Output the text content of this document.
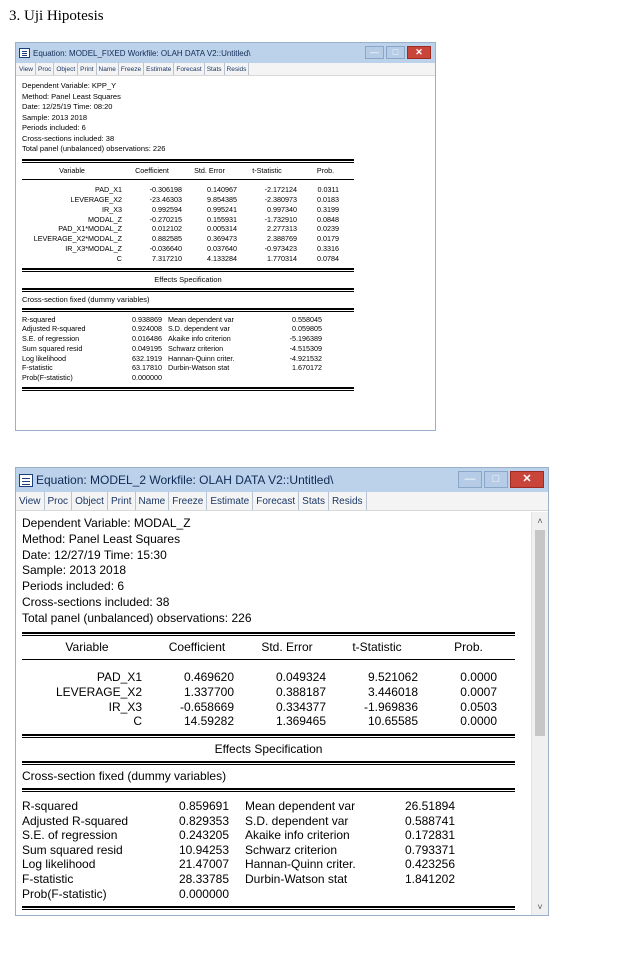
3. Uji Hipotesis
Equation: MODEL_FIXED Workfile: OLAH DATA V2::Untitled\	—	□	✕
View Proc Object Print Name Freeze Estimate Forecast Stats Resids
Dependent Variable: KPP_Y
Method: Panel Least Squares
Date: 12/25/19 Time: 08:20
Sample: 2013 2018
Periods included: 6
Cross-sections included: 38
Total panel (unbalanced) observations: 226
Variable	Coefficient	Std. Error	t-Statistic	Prob.
PAD_X1	-0.306198	0.140967	-2.172124	0.0311
LEVERAGE_X2	-23.46303	9.854385	-2.380973	0.0183
IR_X3	0.992594	0.995241	0.997340	0.3199
MODAL_Z	-0.270215	0.155931	-1.732910	0.0848
PAD_X1*MODAL_Z	0.012102	0.005314	2.277313	0.0239
LEVERAGE_X2*MODAL_Z	0.882585	0.369473	2.388769	0.0179
IR_X3*MODAL_Z	-0.036640	0.037640	-0.973423	0.3316
C	7.317210	4.133284	1.770314	0.0784
Effects Specification
Cross-section fixed (dummy variables)
R-squared	0.938869	Mean dependent var	0.558045	
Adjusted R-squared	0.924008	S.D. dependent var	0.059805	
S.E. of regression	0.016486	Akaike info criterion	-5.196389	
Sum squared resid	0.049195	Schwarz criterion	-4.515309	
Log likelihood	632.1919	Hannan-Quinn criter.	-4.921532	
F-statistic	63.17810	Durbin-Watson stat	1.670172	
Prob(F-statistic)	0.000000			
Equation: MODEL_2 Workfile: OLAH DATA V2::Untitled\	—	□	✕
View Proc Object Print Name Freeze Estimate Forecast Stats Resids
Dependent Variable: MODAL_Z
Method: Panel Least Squares
Date: 12/27/19 Time: 15:30
Sample: 2013 2018
Periods included: 6
Cross-sections included: 38
Total panel (unbalanced) observations: 226
Variable	Coefficient	Std. Error	t-Statistic	Prob.
PAD_X1	0.469620	0.049324	9.521062	0.0000
LEVERAGE_X2	1.337700	0.388187	3.446018	0.0007
IR_X3	-0.658669	0.334377	-1.969836	0.0503
C	14.59282	1.369465	10.65585	0.0000
Effects Specification
Cross-section fixed (dummy variables)
R-squared	0.859691	Mean dependent var	26.51894	
Adjusted R-squared	0.829353	S.D. dependent var	0.588741	
S.E. of regression	0.243205	Akaike info criterion	0.172831	
Sum squared resid	10.94253	Schwarz criterion	0.793371	
Log likelihood	21.47007	Hannan-Quinn criter.	0.423256	
F-statistic	28.33785	Durbin-Watson stat	1.841202	
Prob(F-statistic)	0.000000			
˄
˅
